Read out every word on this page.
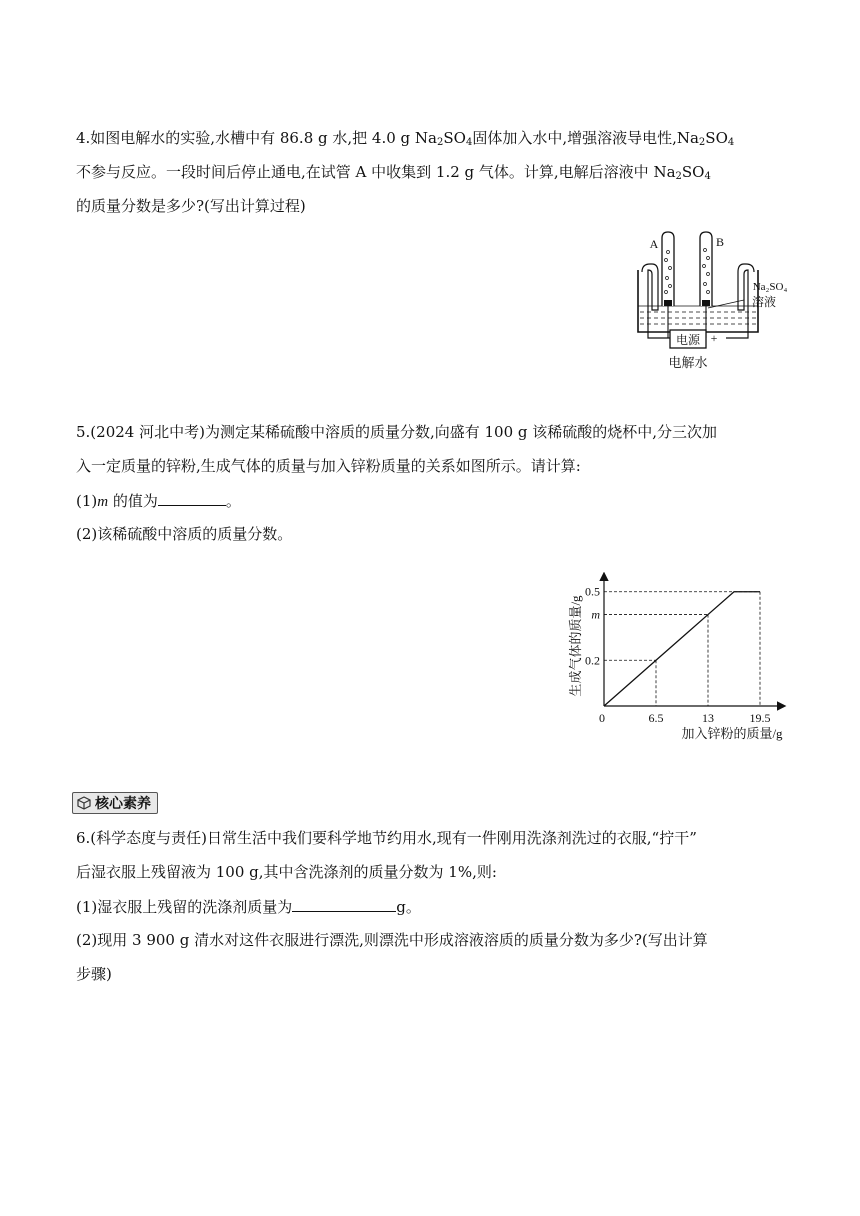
4.如图电解水的实验,水槽中有 86.8 g 水,把 4.0 g $Na_2SO_4$固体加入水中,增强溶液导电性$,Na_2SO_4$
不参与反应。一段时间后停止通电,在试管 A 中收集到 1.2 g 气体。计算,电解后溶液中 $Na_2SO_4$
的质量分数是多少?(写出计算过程)
电源
−	+
A	B
Na₂SO₄
溶液
电解水
5.(2024 河北中考)为测定某稀硫酸中溶质的质量分数,向盛有 100 g 该稀硫酸的烧杯中,分三次加
入一定质量的锌粉,生成气体的质量与加入锌粉质量的关系如图所示。请计算:
(1)m 的值为	。
(2)该稀硫酸中溶质的质量分数。
0	6.5	13	19.5
0.2
m
0.5
生成气体的质量/g
加入锌粉的质量/g
核心素养
6.(科学态度与责任)日常生活中我们要科学地节约用水,现有一件刚用洗涤剂洗过的衣服,“拧干”
后湿衣服上残留液为 100 g,其中含洗涤剂的质量分数为 1%,则:
(1)湿衣服上残留的洗涤剂质量为	g。
(2)现用 3 900 g 清水对这件衣服进行漂洗,则漂洗中形成溶液溶质的质量分数为多少?(写出计算
步骤)
